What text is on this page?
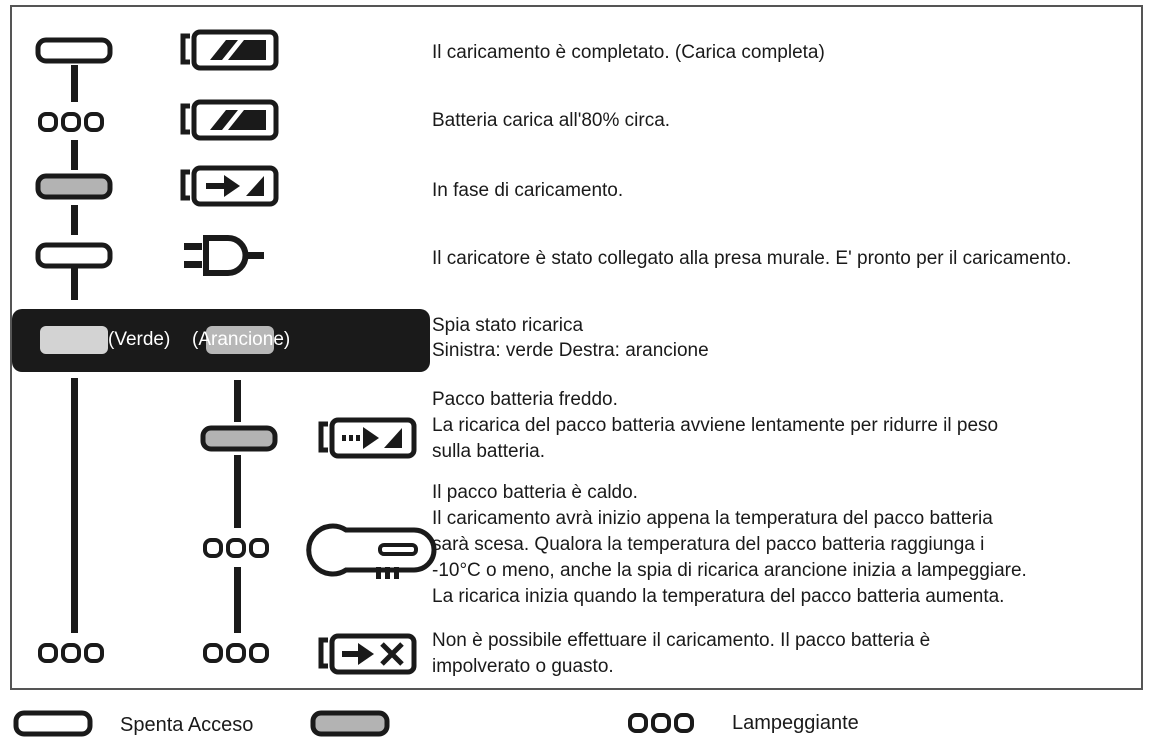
Il caricamento è completato. (Carica completa)
Batteria carica all'80% circa.
In fase di caricamento.
Il caricatore è stato collegato alla presa murale. E' pronto per il caricamento.
(Verde) (Arancione)
Spia stato ricarica
Sinistra: verde Destra: arancione
Pacco batteria freddo.
La ricarica del pacco batteria avviene lentamente per ridurre il peso
sulla batteria.
Il pacco batteria è caldo.
Il caricamento avrà inizio appena la temperatura del pacco batteria
sarà scesa. Qualora la temperatura del pacco batteria raggiunga i
-10°C o meno, anche la spia di ricarica arancione inizia a lampeggiare.
La ricarica inizia quando la temperatura del pacco batteria aumenta.
Non è possibile effettuare il caricamento. Il pacco batteria è
impolverato o guasto.
Spenta Acceso	Lampeggiante
